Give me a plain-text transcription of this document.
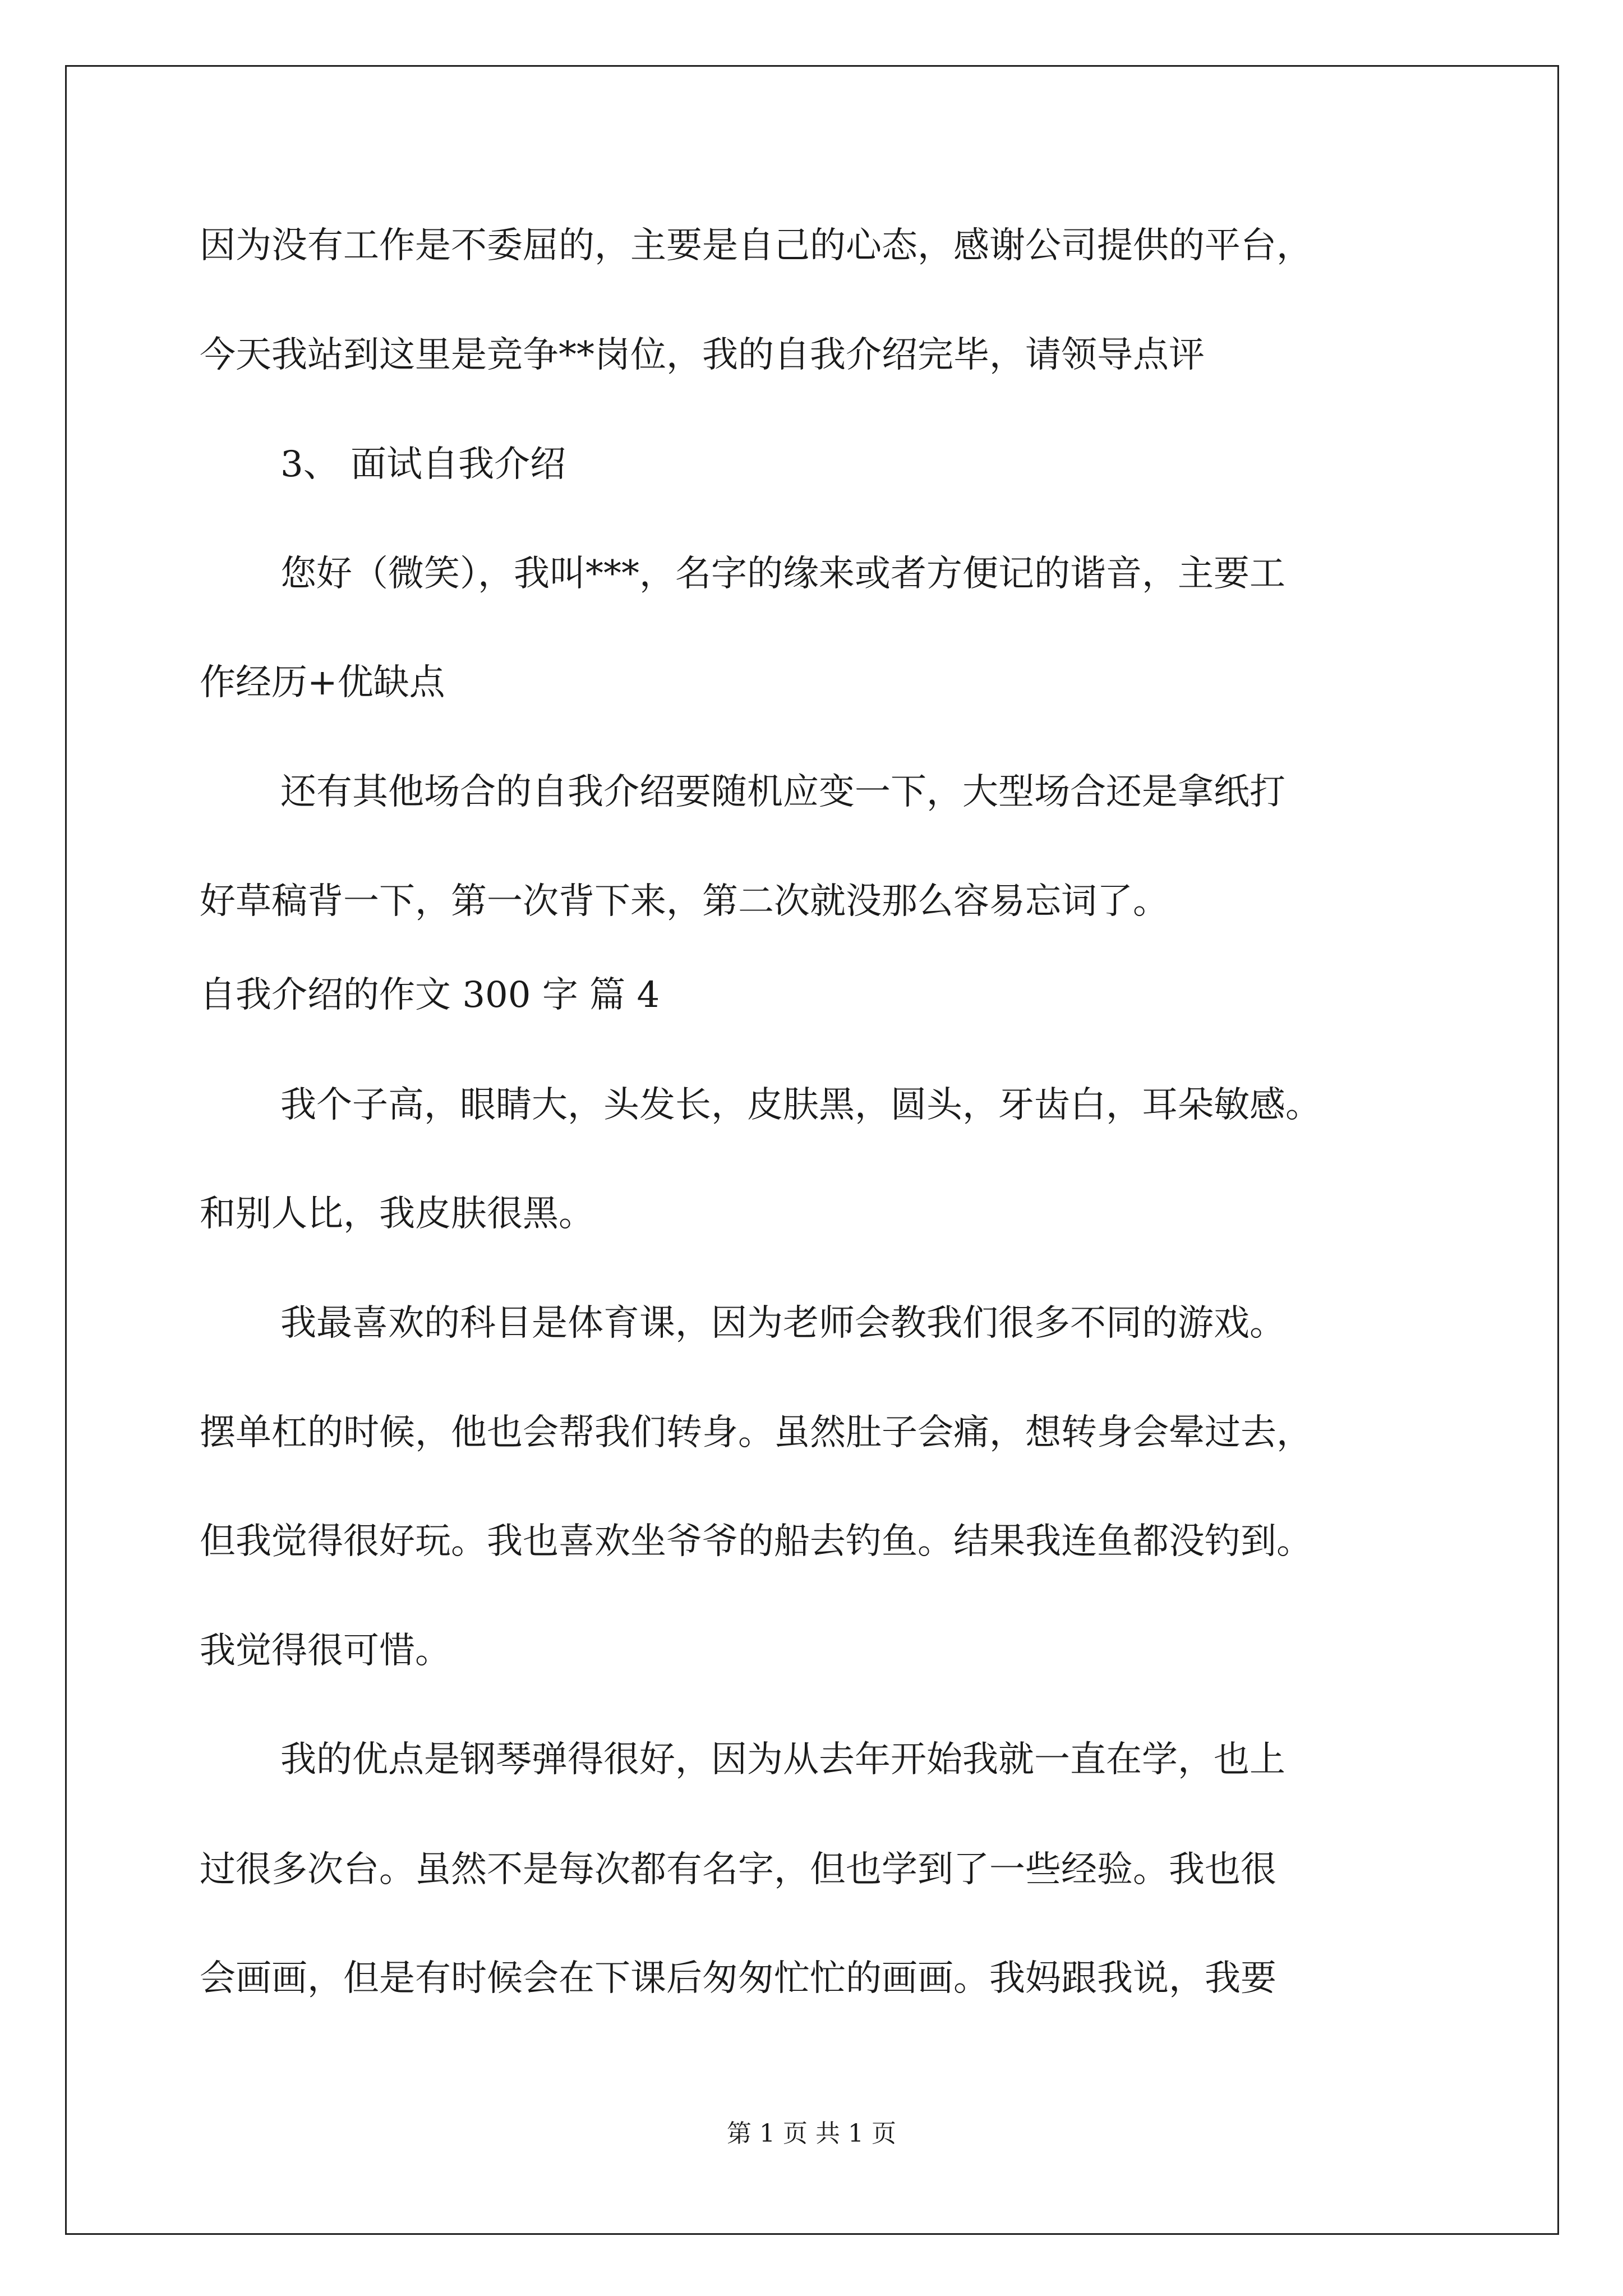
因为没有工作是不委屈的，主要是自己的心态，感谢公司提供的平台，

今天我站到这里是竞争**岗位，我的自我介绍完毕，请领导点评

3、 面试自我介绍

您好（微笑），我叫***，名字的缘来或者方便记的谐音，主要工

作经历+优缺点

还有其他场合的自我介绍要随机应变一下，大型场合还是拿纸打

好草稿背一下，第一次背下来，第二次就没那么容易忘词了。

自我介绍的作文 300 字 篇 4

我个子高，眼睛大，头发长，皮肤黑，圆头，牙齿白，耳朵敏感。

和别人比，我皮肤很黑。

我最喜欢的科目是体育课，因为老师会教我们很多不同的游戏。

摆单杠的时候，他也会帮我们转身。虽然肚子会痛，想转身会晕过去，

但我觉得很好玩。我也喜欢坐爷爷的船去钓鱼。结果我连鱼都没钓到。

我觉得很可惜。

我的优点是钢琴弹得很好，因为从去年开始我就一直在学，也上

过很多次台。虽然不是每次都有名字，但也学到了一些经验。我也很

会画画，但是有时候会在下课后匆匆忙忙的画画。我妈跟我说，我要

第 1 页 共 1 页
